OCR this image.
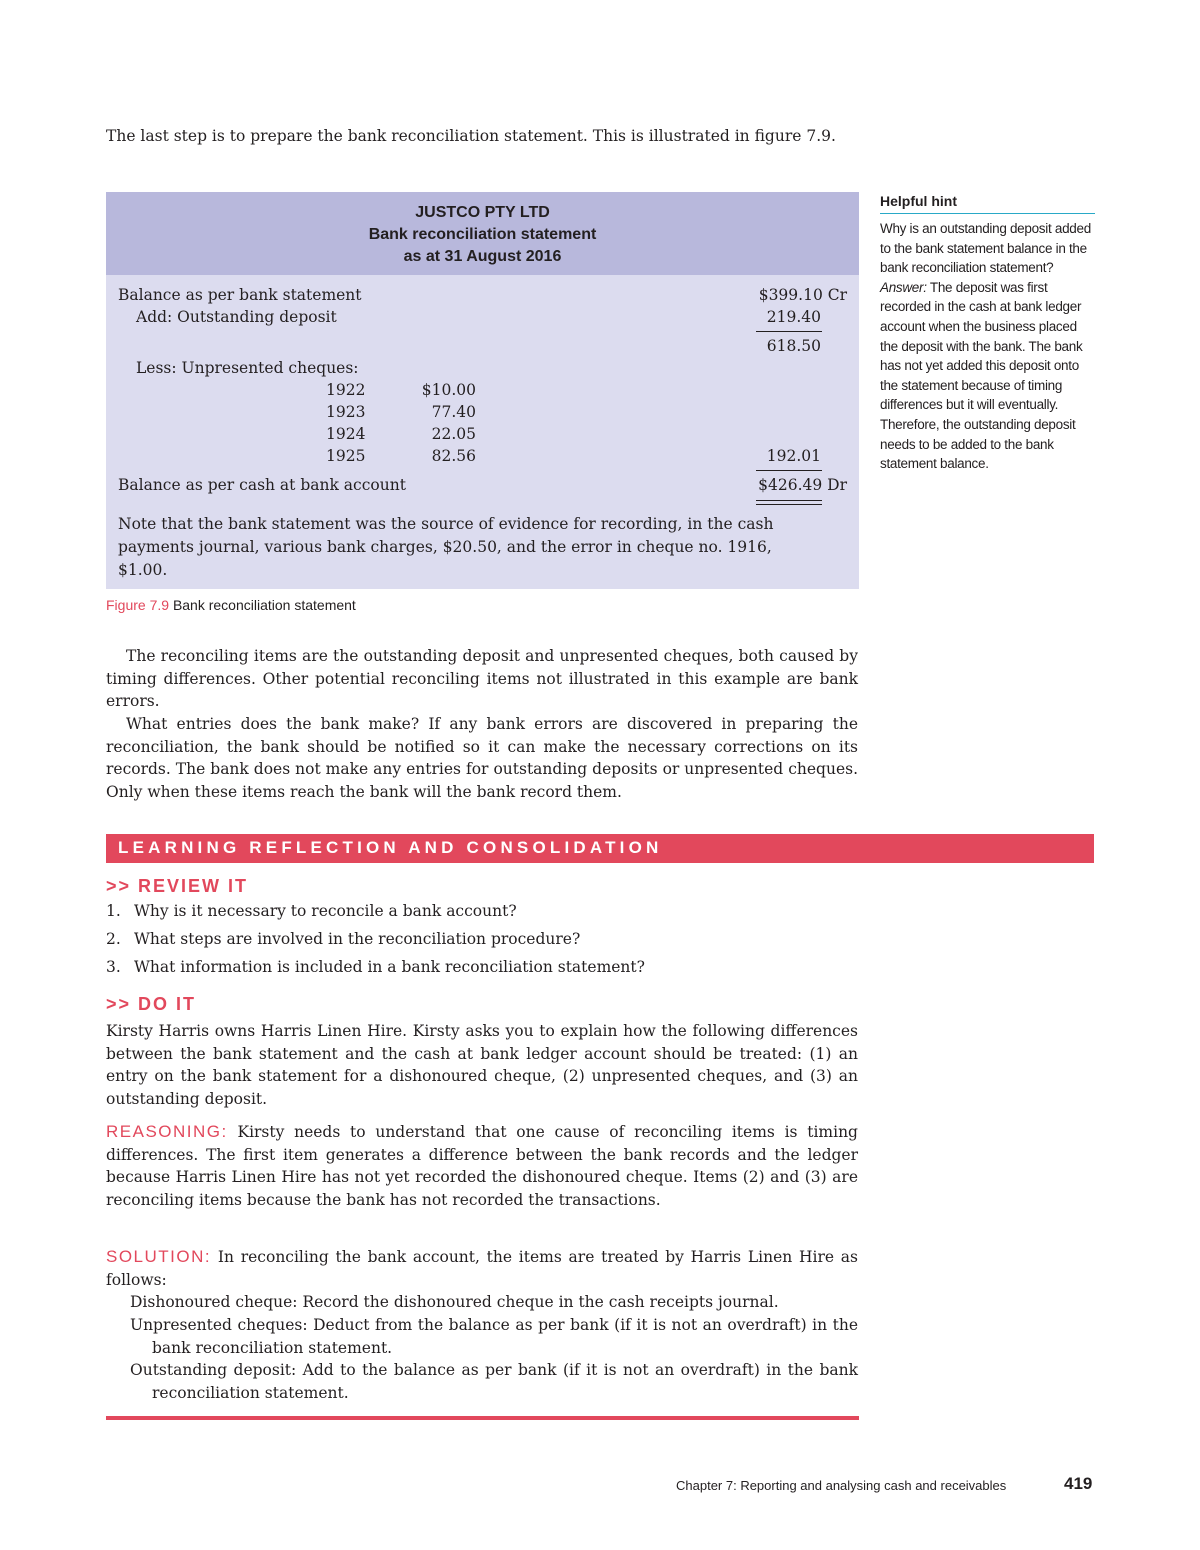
The last step is to prepare the bank reconciliation statement. This is illustrated in figure 7.9.
JUSTCO PTY LTD
Bank reconciliation statement
as at 31 August 2016
Balance as per bank statement	$399.10 Cr
Add: Outstanding deposit	219.40
618.50
Less: Unpresented cheques:
1922	$10.00
1923	77.40
1924	22.05
1925	82.56	192.01
Balance as per cash at bank account	$426.49 Dr
Note that the bank statement was the source of evidence for recording, in the cash payments journal, various bank charges, $20.50, and the error in cheque no. 1916, $1.00.
Figure 7.9 Bank reconciliation statement
The reconciling items are the outstanding deposit and unpresented cheques, both caused by timing differences. Other potential reconciling items not illustrated in this example are bank errors.
What entries does the bank make? If any bank errors are discovered in preparing the reconciliation, the bank should be notified so it can make the necessary corrections on its records. The bank does not make any entries for outstanding deposits or unpresented cheques. Only when these items reach the bank will the bank record them.
Helpful hint
Why is an outstanding deposit added to the bank statement balance in the bank reconciliation statement? Answer: The deposit was first recorded in the cash at bank ledger account when the business placed the deposit with the bank. The bank has not yet added this deposit onto the statement because of timing differences but it will eventually. Therefore, the outstanding deposit needs to be added to the bank statement balance.
LEARNING REFLECTION AND CONSOLIDATION
>> REVIEW IT
1. Why is it necessary to reconcile a bank account?
2. What steps are involved in the reconciliation procedure?
3. What information is included in a bank reconciliation statement?
>> DO IT
Kirsty Harris owns Harris Linen Hire. Kirsty asks you to explain how the following differences between the bank statement and the cash at bank ledger account should be treated: (1) an entry on the bank statement for a dishonoured cheque, (2) unpresented cheques, and (3) an outstanding deposit.
REASONING: Kirsty needs to understand that one cause of reconciling items is timing differences. The first item generates a difference between the bank records and the ledger because Harris Linen Hire has not yet recorded the dishonoured cheque. Items (2) and (3) are reconciling items because the bank has not recorded the transactions.
SOLUTION: In reconciling the bank account, the items are treated by Harris Linen Hire as follows:
Dishonoured cheque: Record the dishonoured cheque in the cash receipts journal.
Unpresented cheques: Deduct from the balance as per bank (if it is not an overdraft) in the bank reconciliation statement.
Outstanding deposit: Add to the balance as per bank (if it is not an overdraft) in the bank reconciliation statement.
Chapter 7: Reporting and analysing cash and receivables	419
